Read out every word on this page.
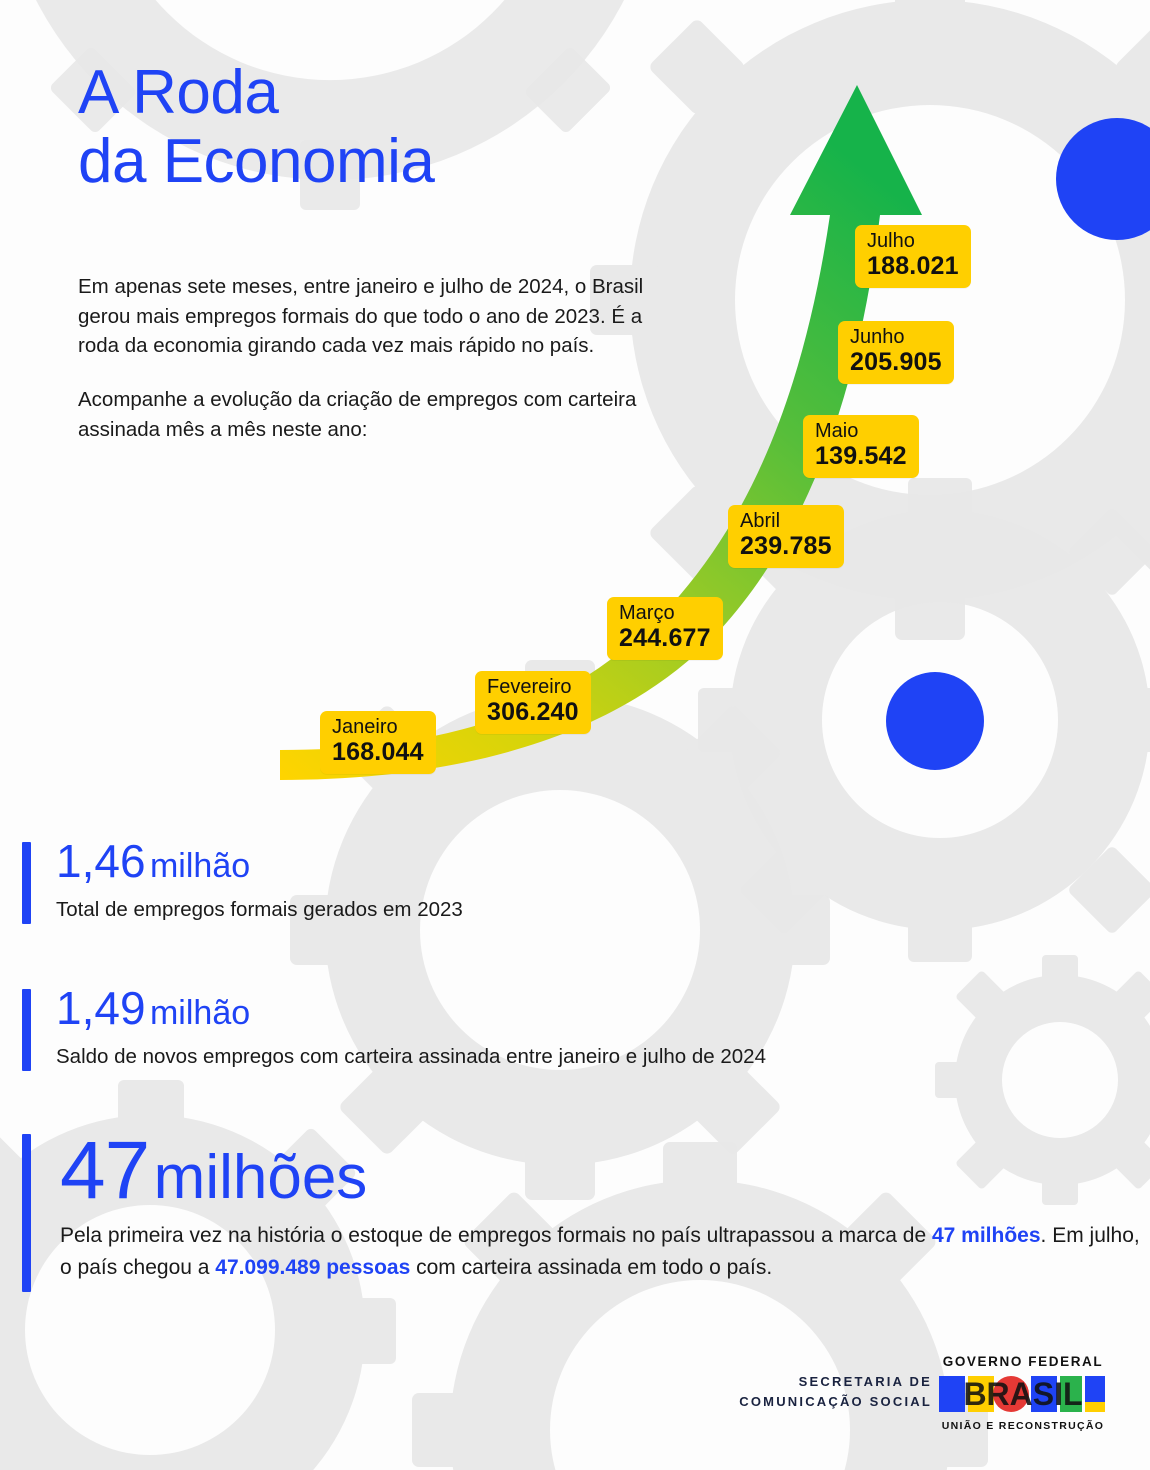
A Roda
da Economia

Em apenas sete meses, entre janeiro e julho de 2024, o Brasil gerou mais empregos formais do que todo o ano de 2023. É a roda da economia girando cada vez mais rápido no país.

Acompanhe a evolução da criação de empregos com carteira assinada mês a mês neste ano:

Janeiro
168.044
Fevereiro
306.240
Março
244.677
Abril
239.785
Maio
139.542
Junho
205.905
Julho
188.021
1,46 milhão
Total de empregos formais gerados em 2023
1,49 milhão
Saldo de novos empregos com carteira assinada entre janeiro e julho de 2024
47 milhões
Pela primeira vez na história o estoque de empregos formais no país ultrapassou a marca de 47 milhões. Em julho, o país chegou a 47.099.489 pessoas com carteira assinada em todo o país.
SECRETARIA DE
COMUNICAÇÃO SOCIAL
GOVERNO FEDERAL
BRASIL
UNIÃO E RECONSTRUÇÃO
